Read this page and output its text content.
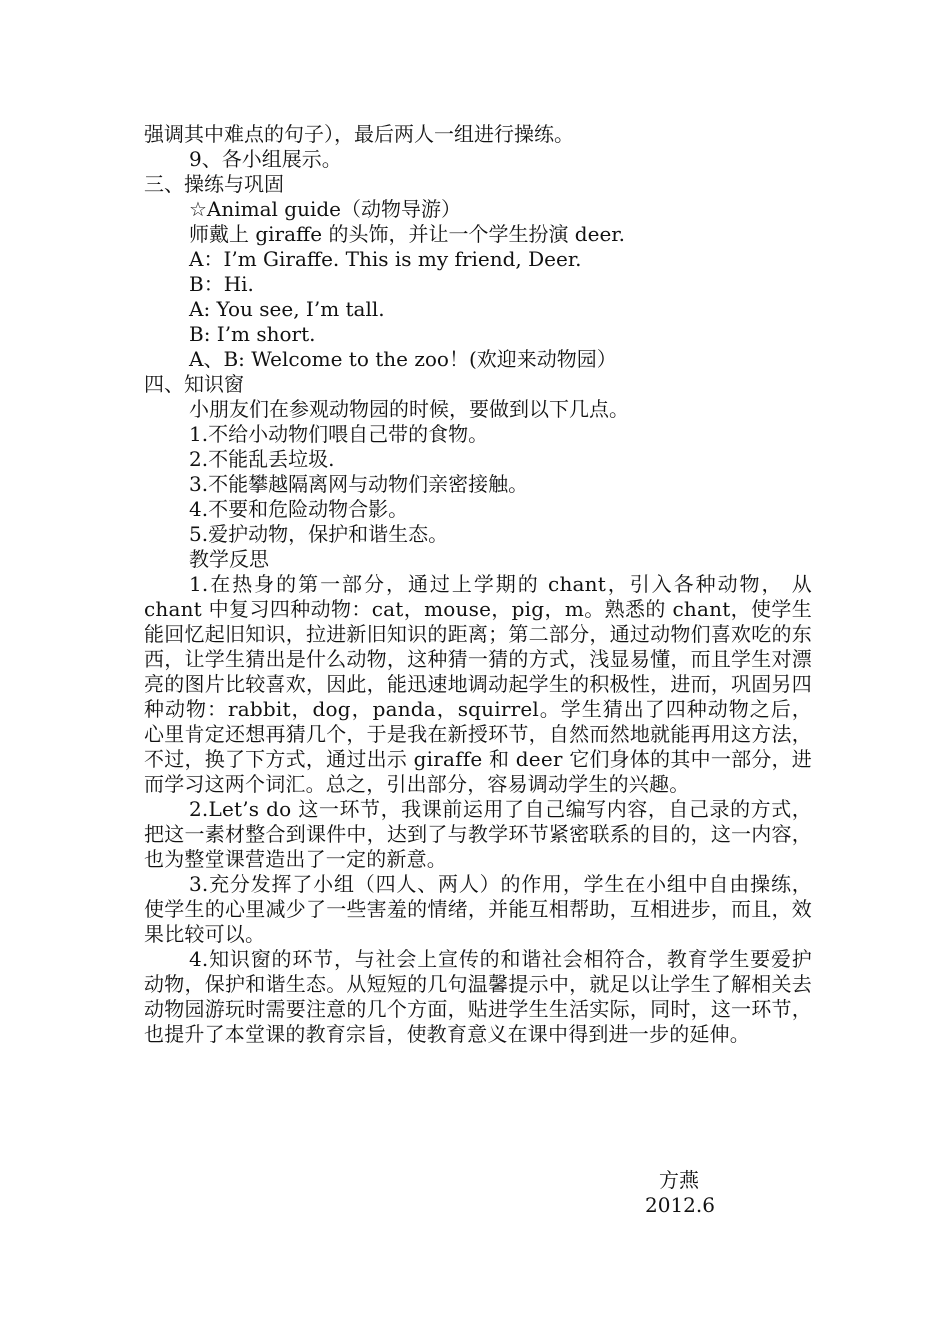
强调其中难点的句子），最后两人一组进行操练。
9、各小组展示。
三、操练与巩固
☆Animal guide（动物导游）
师戴上 giraffe 的头饰，并让一个学生扮演 deer.
A：I’m Giraffe. This is my friend, Deer.
B：Hi.
A: You see, I’m tall.
B: I’m short.
A、B: Welcome to the zoo！(欢迎来动物园）
四、知识窗
小朋友们在参观动物园的时候，要做到以下几点。
1.不给小动物们喂自己带的食物。
2.不能乱丢垃圾.
3.不能攀越隔离网与动物们亲密接触。
4.不要和危险动物合影。
5.爱护动物，保护和谐生态。
教学反思
1.在热身的第一部分，通过上学期的 chant，引入各种动物， 从 chant 中复习四种动物：cat，mouse，pig，m。熟悉的 chant，使学生能回忆起旧知识，拉进新旧知识的距离；第二部分，通过动物们喜欢吃的东西，让学生猜出是什么动物，这种猜一猜的方式，浅显易懂，而且学生对漂亮的图片比较喜欢，因此，能迅速地调动起学生的积极性，进而，巩固另四种动物：rabbit，dog，panda，squirrel。学生猜出了四种动物之后，心里肯定还想再猜几个，于是我在新授环节，自然而然地就能再用这方法，不过，换了下方式，通过出示 giraffe 和 deer 它们身体的其中一部分，进而学习这两个词汇。总之，引出部分，容易调动学生的兴趣。
2.Let’s do 这一环节，我课前运用了自己编写内容，自己录的方式，把这一素材整合到课件中，达到了与教学环节紧密联系的目的，这一内容，也为整堂课营造出了一定的新意。
3.充分发挥了小组（四人、两人）的作用，学生在小组中自由操练，使学生的心里减少了一些害羞的情绪，并能互相帮助，互相进步，而且，效果比较可以。
4.知识窗的环节，与社会上宣传的和谐社会相符合，教育学生要爱护动物，保护和谐生态。从短短的几句温馨提示中，就足以让学生了解相关去动物园游玩时需要注意的几个方面，贴进学生生活实际，同时，这一环节，也提升了本堂课的教育宗旨，使教育意义在课中得到进一步的延伸。
方燕
2012.6
